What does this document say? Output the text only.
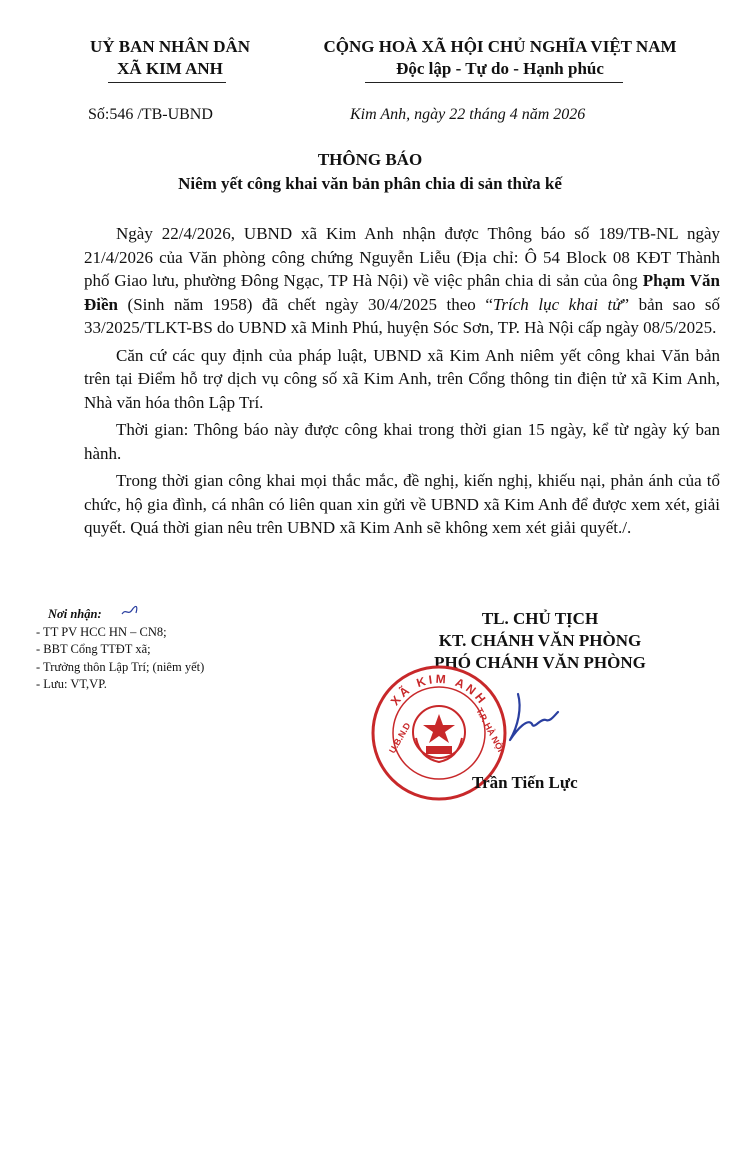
UỶ BAN NHÂN DÂN
XÃ KIM ANH
CỘNG HOÀ XÃ HỘI CHỦ NGHĨA VIỆT NAM
Độc lập - Tự do - Hạnh phúc
Số:546 /TB-UBND	Kim Anh, ngày 22 tháng 4 năm 2026
THÔNG BÁO
Niêm yết công khai văn bản phân chia di sản thừa kế

Ngày 22/4/2026, UBND xã Kim Anh nhận được Thông báo số 189/TB-NL ngày 21/4/2026 của Văn phòng công chứng Nguyễn Liễu (Địa chỉ: Ô 54 Block 08 KĐT Thành phố Giao lưu, phường Đông Ngạc, TP Hà Nội) về việc phân chia di sản của ông Phạm Văn Điền (Sinh năm 1958) đã chết ngày 30/4/2025 theo “Trích lục khai tử” bản sao số 33/2025/TLKT-BS do UBND xã Minh Phú, huyện Sóc Sơn, TP. Hà Nội cấp ngày 08/5/2025.

Căn cứ các quy định của pháp luật, UBND xã Kim Anh niêm yết công khai Văn bản trên tại Điểm hỗ trợ dịch vụ công số xã Kim Anh, trên Cổng thông tin điện tử xã Kim Anh, Nhà văn hóa thôn Lập Trí.

Thời gian: Thông báo này được công khai trong thời gian 15 ngày, kể từ ngày ký ban hành.

Trong thời gian công khai mọi thắc mắc, đề nghị, kiến nghị, khiếu nại, phản ánh của tổ chức, hộ gia đình, cá nhân có liên quan xin gửi về UBND xã Kim Anh để được xem xét, giải quyết. Quá thời gian nêu trên UBND xã Kim Anh sẽ không xem xét giải quyết./.

Nơi nhận:
- TT PV HCC HN – CN8;
- BBT Cổng TTĐT xã;
- Trưởng thôn Lập Trí; (niêm yết)
- Lưu: VT,VP.
TL. CHỦ TỊCH
KT. CHÁNH VĂN PHÒNG
PHÓ CHÁNH VĂN PHÒNG
XÃ KIM ANH
U.B.N.D	T.P. HÀ NỘI
Trần Tiến Lực
